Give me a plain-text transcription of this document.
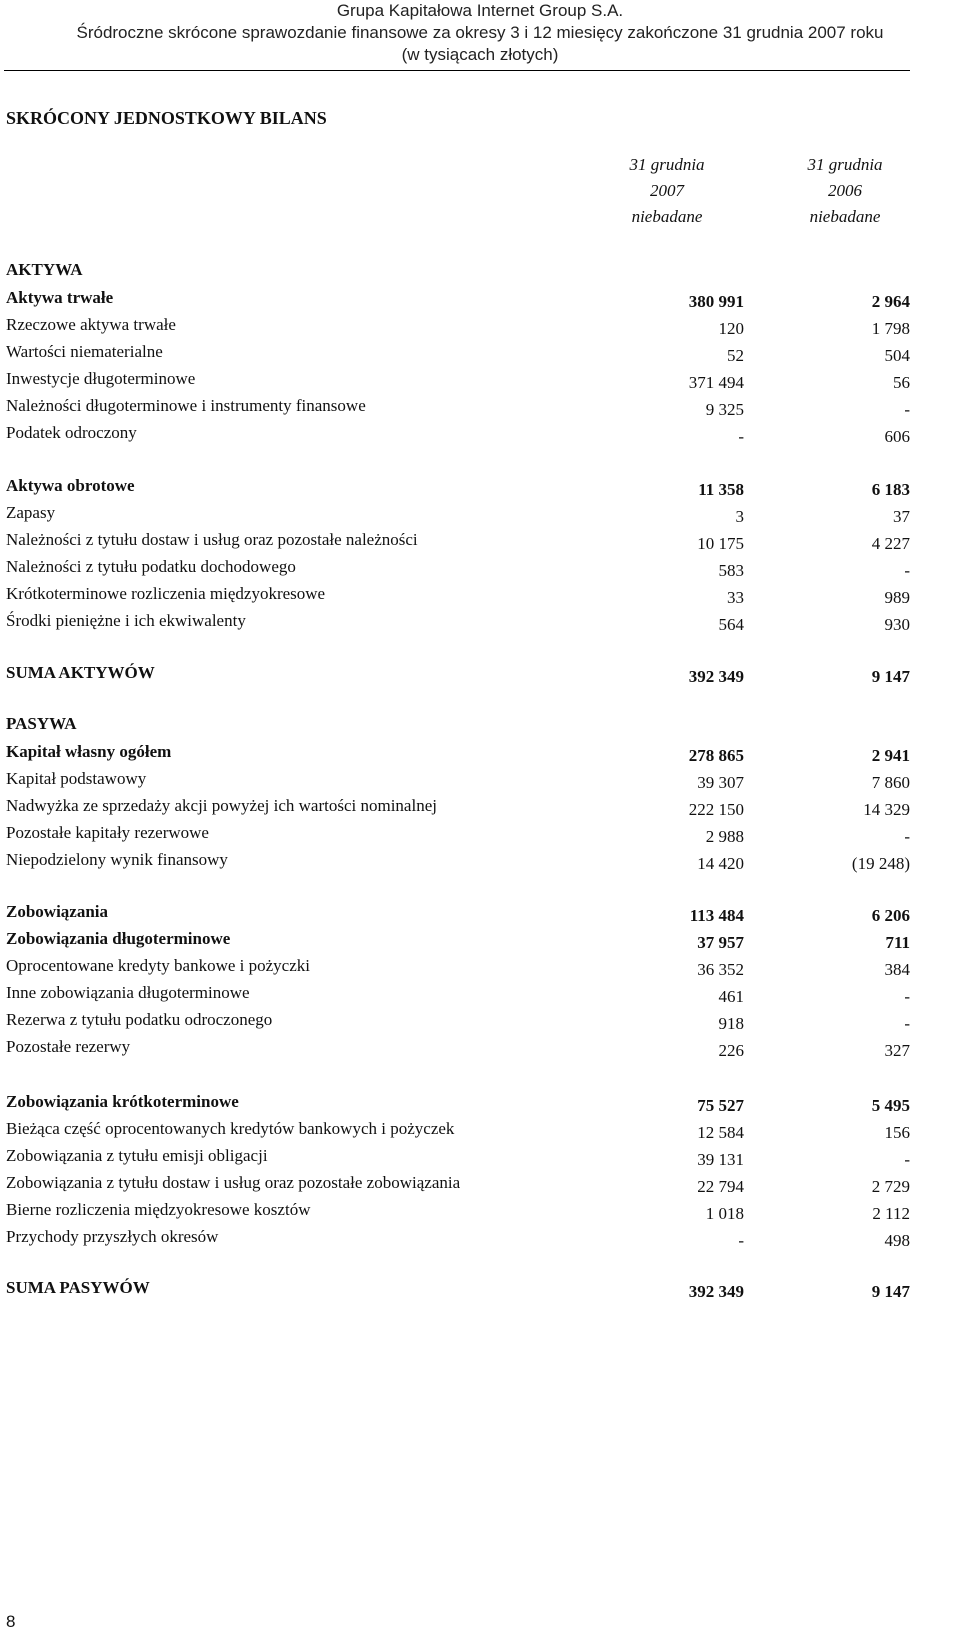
Grupa Kapitałowa Internet Group S.A.
Śródroczne skrócone sprawozdanie finansowe za okresy 3 i 12 miesięcy zakończone 31 grudnia 2007 roku
(w tysiącach złotych)
SKRÓCONY JEDNOSTKOWY BILANS
31 grudnia
2007
niebadane
31 grudnia
2006
niebadane
AKTYWA
Aktywa trwałe	380 991	2 964
Rzeczowe aktywa trwałe	120	1 798
Wartości niematerialne	52	504
Inwestycje długoterminowe	371 494	56
Należności długoterminowe i instrumenty finansowe	9 325	-
Podatek odroczony	-	606
Aktywa obrotowe	11 358	6 183
Zapasy	3	37
Należności z tytułu dostaw i usług oraz pozostałe należności	10 175	4 227
Należności z tytułu podatku dochodowego	583	-
Krótkoterminowe rozliczenia międzyokresowe	33	989
Środki pieniężne i ich ekwiwalenty	564	930
SUMA AKTYWÓW	392 349	9 147
PASYWA
Kapitał własny ogółem	278 865	2 941
Kapitał podstawowy	39 307	7 860
Nadwyżka ze sprzedaży akcji powyżej ich wartości nominalnej	222 150	14 329
Pozostałe kapitały rezerwowe	2 988	-
Niepodzielony wynik finansowy	14 420	(19 248)
Zobowiązania	113 484	6 206
Zobowiązania długoterminowe	37 957	711
Oprocentowane kredyty bankowe i pożyczki	36 352	384
Inne zobowiązania długoterminowe	461	-
Rezerwa z tytułu podatku odroczonego	918	-
Pozostałe rezerwy	226	327
Zobowiązania krótkoterminowe	75 527	5 495
Bieżąca część oprocentowanych kredytów bankowych i pożyczek	12 584	156
Zobowiązania z tytułu emisji obligacji	39 131	-
Zobowiązania z tytułu dostaw i usług oraz pozostałe zobowiązania	22 794	2 729
Bierne rozliczenia międzyokresowe kosztów	1 018	2 112
Przychody przyszłych okresów	-	498
SUMA PASYWÓW	392 349	9 147
8
